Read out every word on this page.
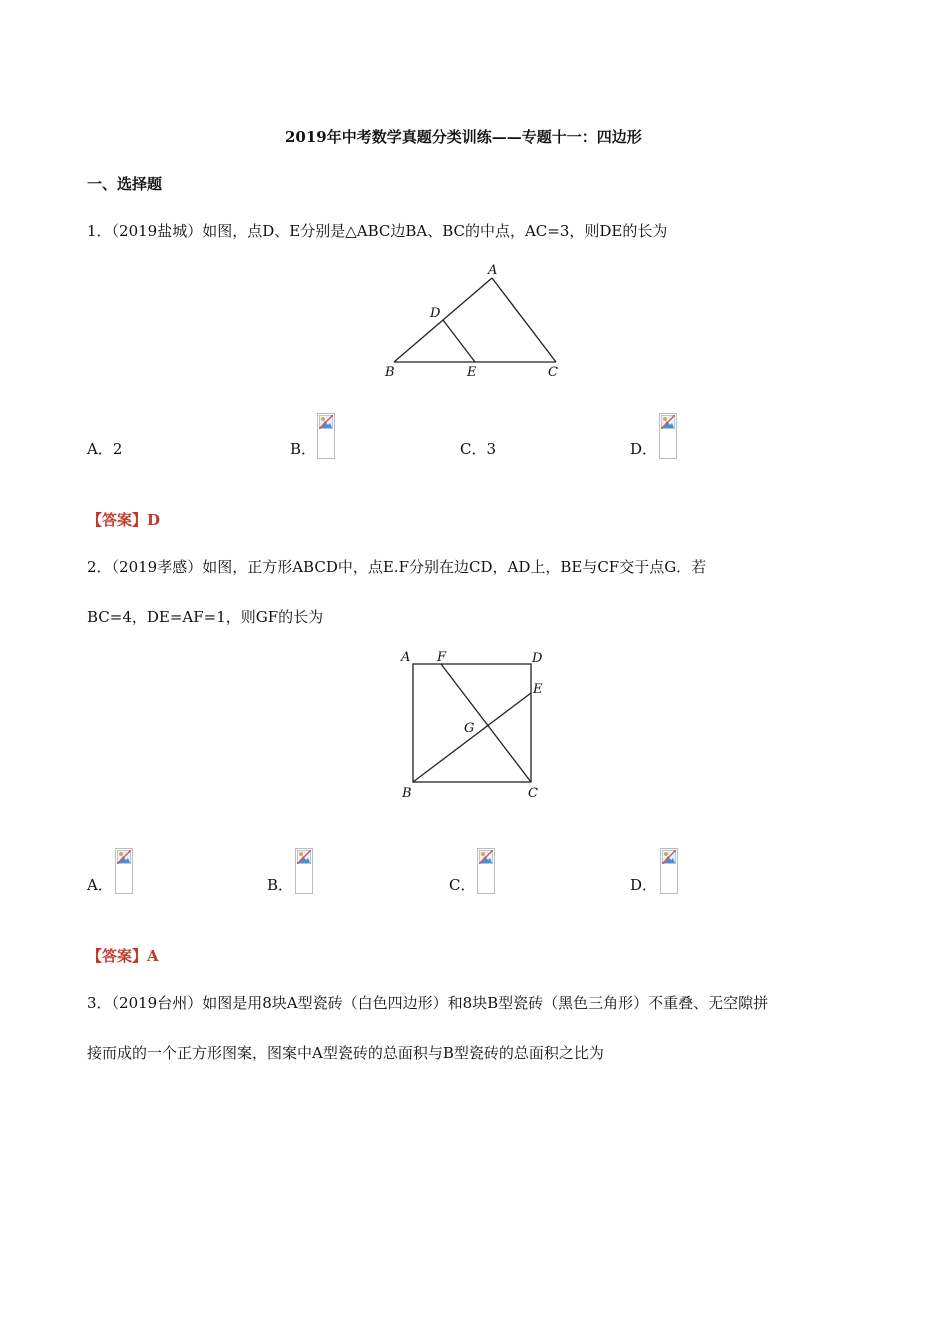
2019年中考数学真题分类训练——专题十一：四边形
一、选择题
1．（2019盐城）如图，点D、E分别是△ABC边BA、BC的中点，AC=3，则DE的长为
A
B	C
D
E
A．2	B．	C．3	D．
【答案】D
2．（2019孝感）如图，正方形ABCD中，点E.F分别在边CD，AD上，BE与CF交于点G．若
BC=4，DE=AF=1，则GF的长为
A F	D
E
G
B	C
A．	B．	C．	D．
【答案】A
3．（2019台州）如图是用8块A型瓷砖（白色四边形）和8块B型瓷砖（黑色三角形）不重叠、无空隙拼
接而成的一个正方形图案，图案中A型瓷砖的总面积与B型瓷砖的总面积之比为
